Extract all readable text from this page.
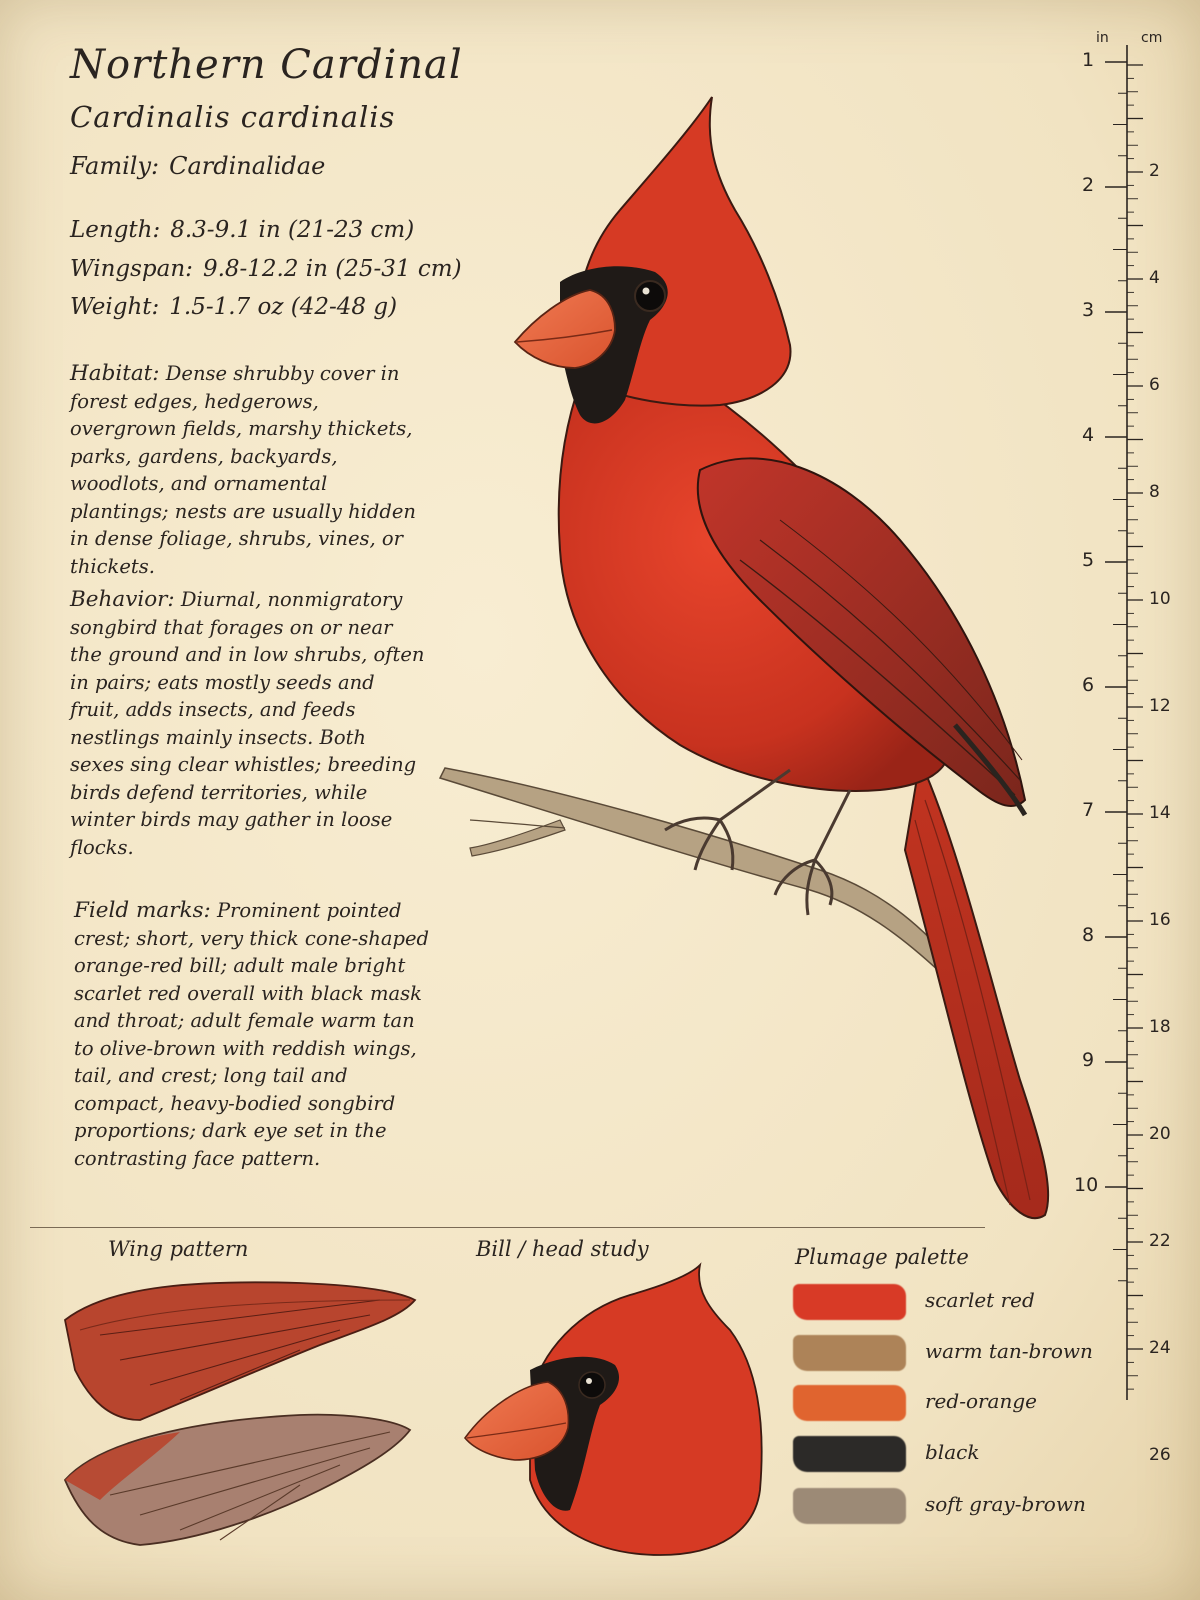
Northern Cardinal
Cardinalis cardinalis
Family: Cardinalidae
Length: 8.3-9.1 in (21-23 cm)
Wingspan: 9.8-12.2 in (25-31 cm)
Weight: 1.5-1.7 oz (42-48 g)
Habitat: Dense shrubby cover in forest edges, hedgerows, overgrown fields, marshy thickets, parks, gardens, backyards, woodlots, and ornamental plantings; nests are usually hidden in dense foliage, shrubs, vines, or thickets.
Behavior: Diurnal, nonmigratory songbird that forages on or near the ground and in low shrubs, often in pairs; eats mostly seeds and fruit, adds insects, and feeds nestlings mainly insects. Both sexes sing clear whistles; breeding birds defend territories, while winter birds may gather in loose flocks.
Field marks: Prominent pointed crest; short, very thick cone-shaped orange-red bill; adult male bright scarlet red overall with black mask and throat; adult female warm tan to olive-brown with reddish wings, tail, and crest; long tail and compact, heavy-bodied songbird proportions; dark eye set in the contrasting face pattern.
in cm
1
2
3
4
5
6
7
8
9
10
2
4
6
8
10
12
14
16
18
20
22
24
26
Wing pattern	Bill / head study	Plumage palette
scarlet red
warm tan-brown
red-orange
black
soft gray-brown
